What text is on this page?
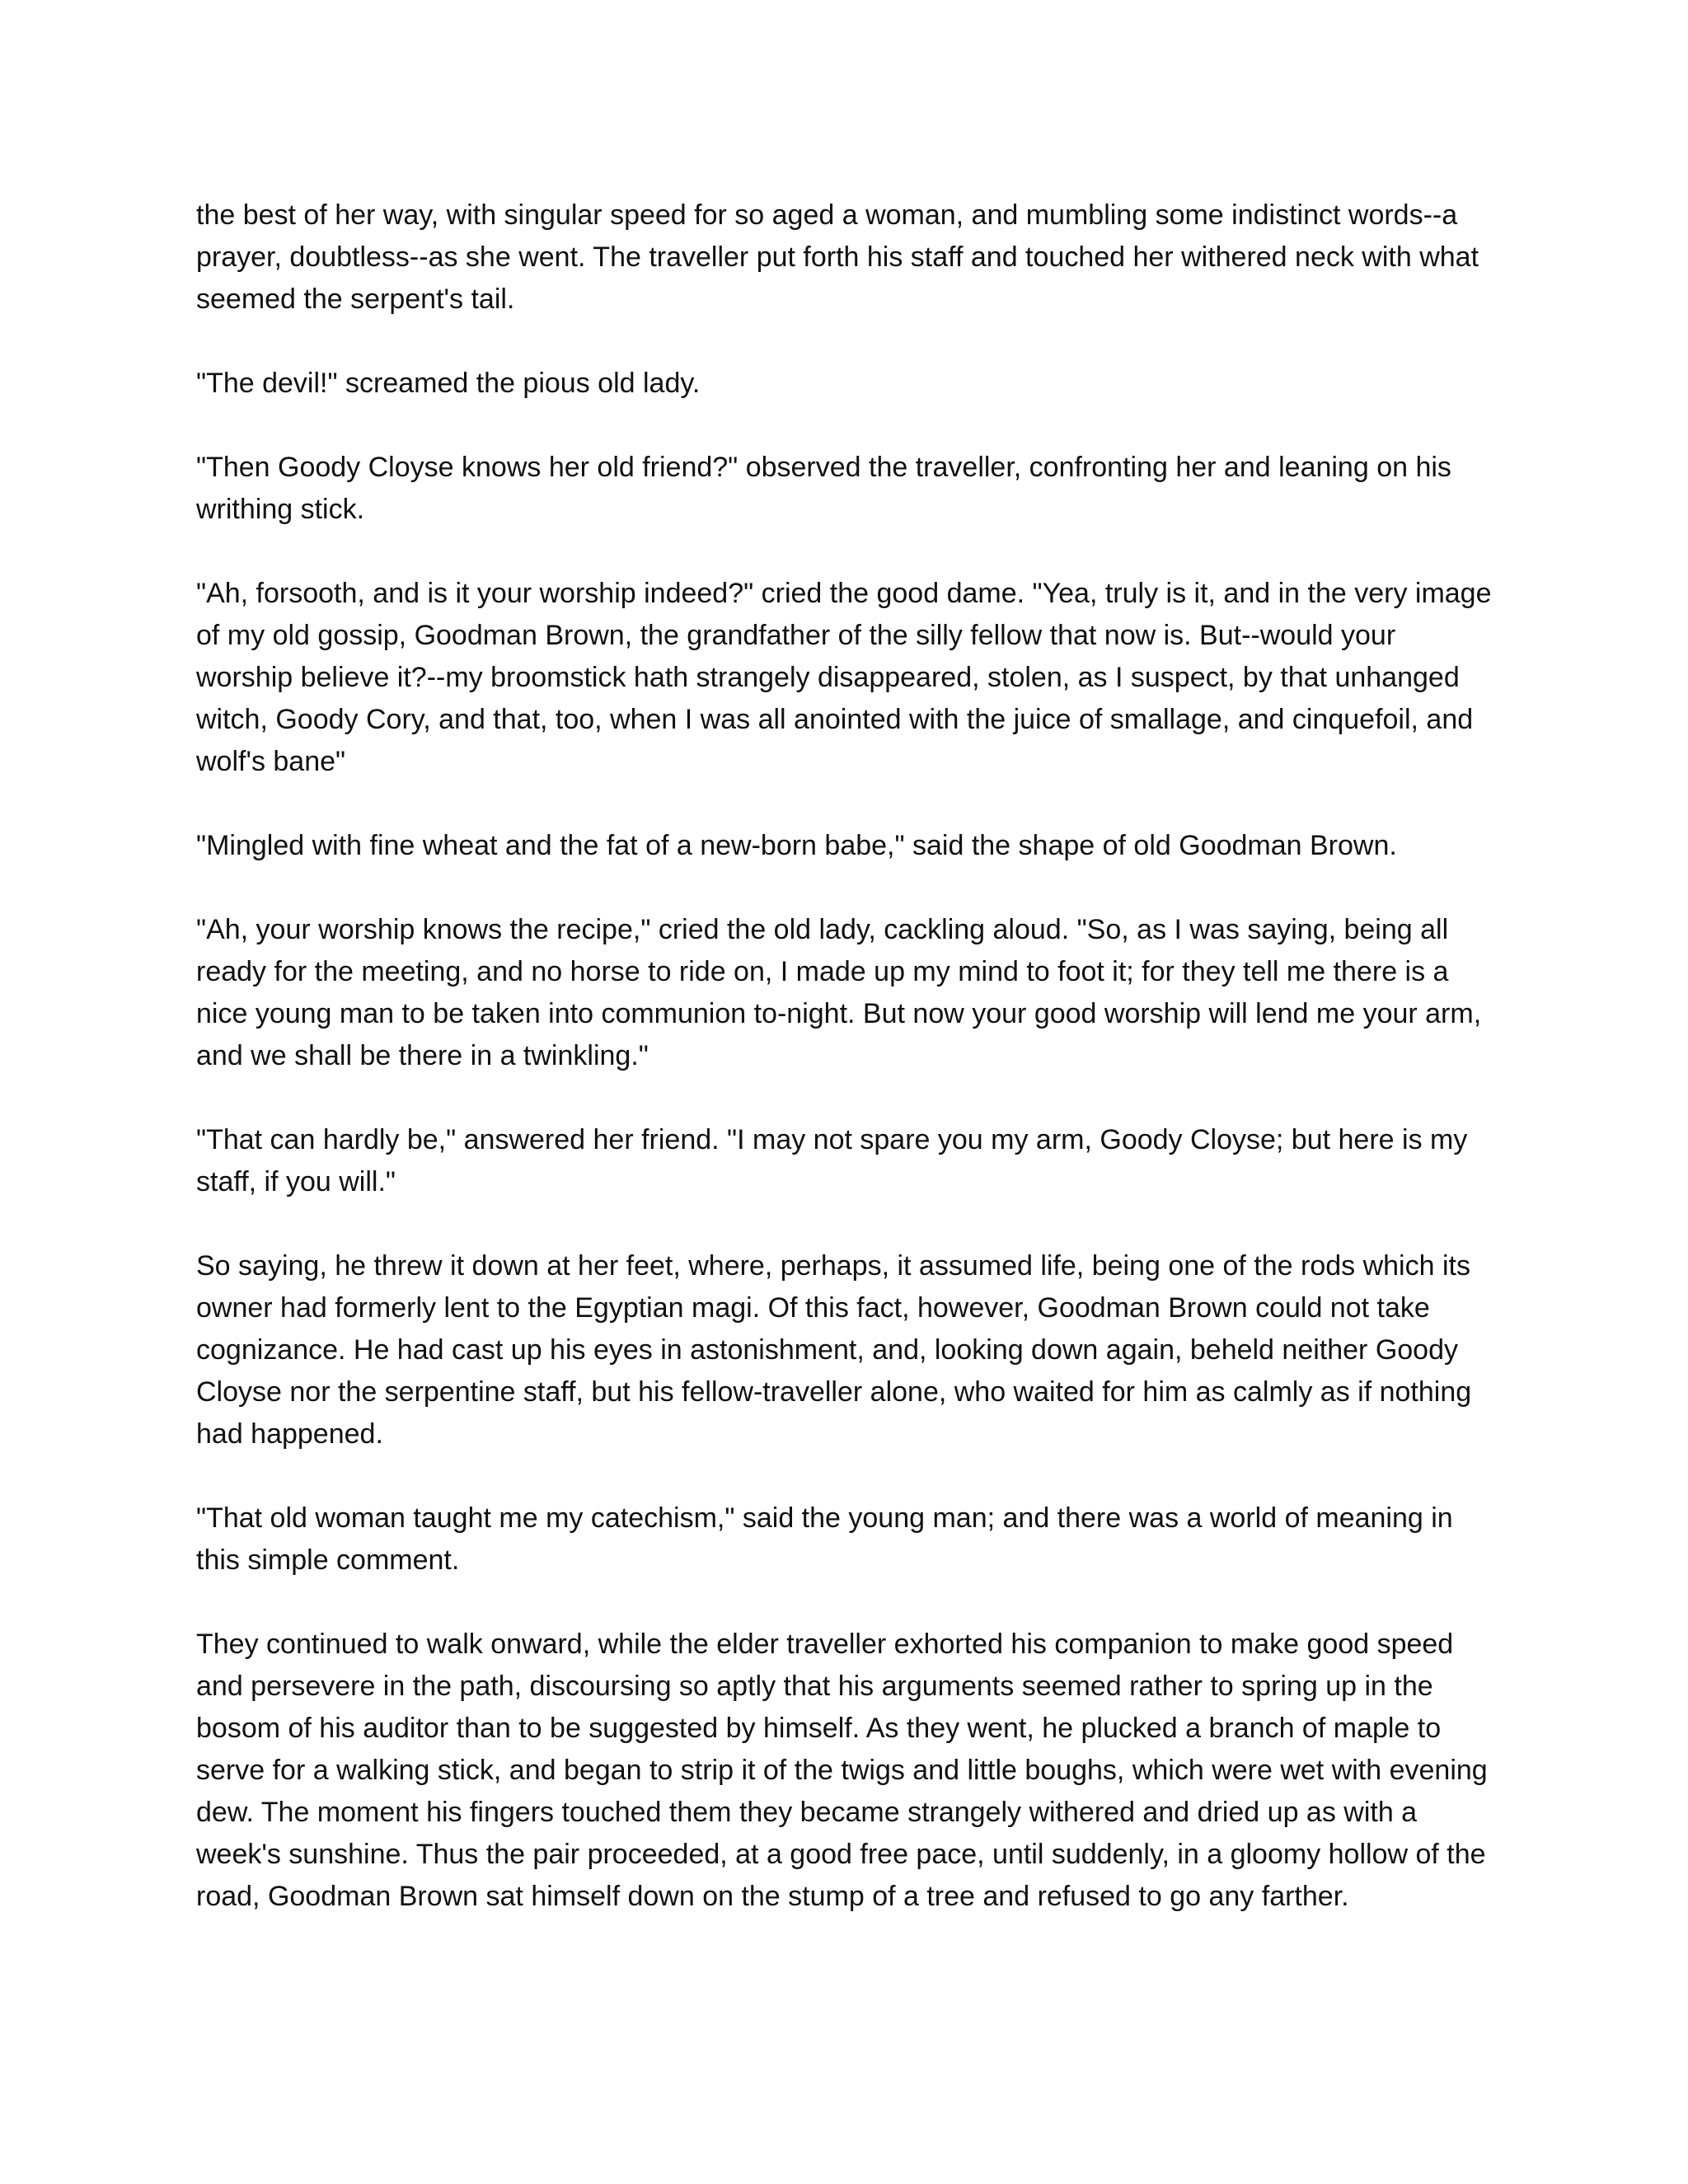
the best of her way, with singular speed for so aged a woman, and mumbling some indistinct words--a prayer, doubtless--as she went. The traveller put forth his staff and touched her withered neck with what seemed the serpent's tail.

"The devil!" screamed the pious old lady.

"Then Goody Cloyse knows her old friend?" observed the traveller, confronting her and leaning on his writhing stick.

"Ah, forsooth, and is it your worship indeed?" cried the good dame. "Yea, truly is it, and in the very image of my old gossip, Goodman Brown, the grandfather of the silly fellow that now is. But--would your worship believe it?--my broomstick hath strangely disappeared, stolen, as I suspect, by that unhanged witch, Goody Cory, and that, too, when I was all anointed with the juice of smallage, and cinquefoil, and wolf's bane"

"Mingled with fine wheat and the fat of a new-born babe," said the shape of old Goodman Brown.

"Ah, your worship knows the recipe," cried the old lady, cackling aloud. "So, as I was saying, being all ready for the meeting, and no horse to ride on, I made up my mind to foot it; for they tell me there is a nice young man to be taken into communion to-night. But now your good worship will lend me your arm, and we shall be there in a twinkling."

"That can hardly be," answered her friend. "I may not spare you my arm, Goody Cloyse; but here is my staff, if you will."

So saying, he threw it down at her feet, where, perhaps, it assumed life, being one of the rods which its owner had formerly lent to the Egyptian magi. Of this fact, however, Goodman Brown could not take cognizance. He had cast up his eyes in astonishment, and, looking down again, beheld neither Goody Cloyse nor the serpentine staff, but his fellow-traveller alone, who waited for him as calmly as if nothing had happened.

"That old woman taught me my catechism," said the young man; and there was a world of meaning in this simple comment.

They continued to walk onward, while the elder traveller exhorted his companion to make good speed and persevere in the path, discoursing so aptly that his arguments seemed rather to spring up in the bosom of his auditor than to be suggested by himself. As they went, he plucked a branch of maple to serve for a walking stick, and began to strip it of the twigs and little boughs, which were wet with evening dew. The moment his fingers touched them they became strangely withered and dried up as with a week's sunshine. Thus the pair proceeded, at a good free pace, until suddenly, in a gloomy hollow of the road, Goodman Brown sat himself down on the stump of a tree and refused to go any farther.
